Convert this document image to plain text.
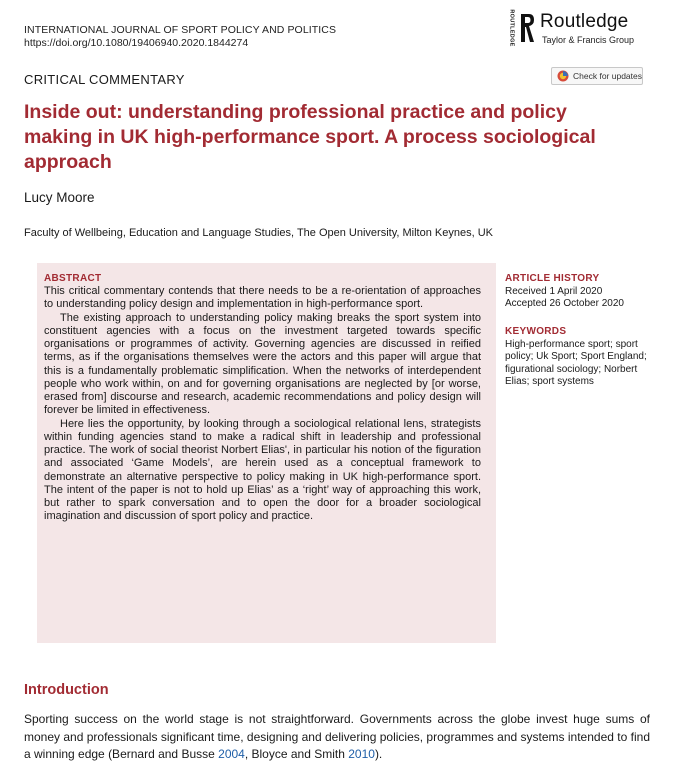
INTERNATIONAL JOURNAL OF SPORT POLICY AND POLITICS
https://doi.org/10.1080/19406940.2020.1844274	ROUTLEDGE Routledge
Taylor & Francis Group
CRITICAL COMMENTARY	Check for updates
Inside out: understanding professional practice and policy making in UK high-performance sport. A process sociological approach
Lucy Moore
Faculty of Wellbeing, Education and Language Studies, The Open University, Milton Keynes, UK
ABSTRACT

This critical commentary contends that there needs to be a re-orientation of approaches to understanding policy design and implementation in high-performance sport.

The existing approach to understanding policy making breaks the sport system into constituent agencies with a focus on the investment targeted towards specific organisations or programmes of activity. Governing agencies are discussed in reified terms, as if the organisations themselves were the actors and this paper will argue that this is a fundamentally problematic simplification. When the networks of interdependent people who work within, on and for governing organisations are neglected by [or worse, erased from] discourse and research, academic recommendations and policy design will forever be limited in effectiveness.

Here lies the opportunity, by looking through a sociological relational lens, strategists within funding agencies stand to make a radical shift in leadership and professional practice. The work of social theorist Norbert Elias', in particular his notion of the figuration and associated ‘Game Models’, are herein used as a conceptual framework to demonstrate an alternative perspective to policy making in UK high-performance sport. The intent of the paper is not to hold up Elias’ as a ‘right’ way of approaching this work, but rather to spark conversation and to open the door for a broader sociological imagination and discussion of sport policy and practice.

ARTICLE HISTORY
Received 1 April 2020
Accepted 26 October 2020
KEYWORDS
High-performance sport; sport policy; Uk Sport; Sport England; figurational sociology; Norbert Elias; sport systems
Introduction

Sporting success on the world stage is not straightforward. Governments across the globe invest huge sums of money and professionals significant time, designing and delivering policies, programmes and systems intended to find a winning edge (Bernard and Busse 2004, Bloyce and Smith 2010).
